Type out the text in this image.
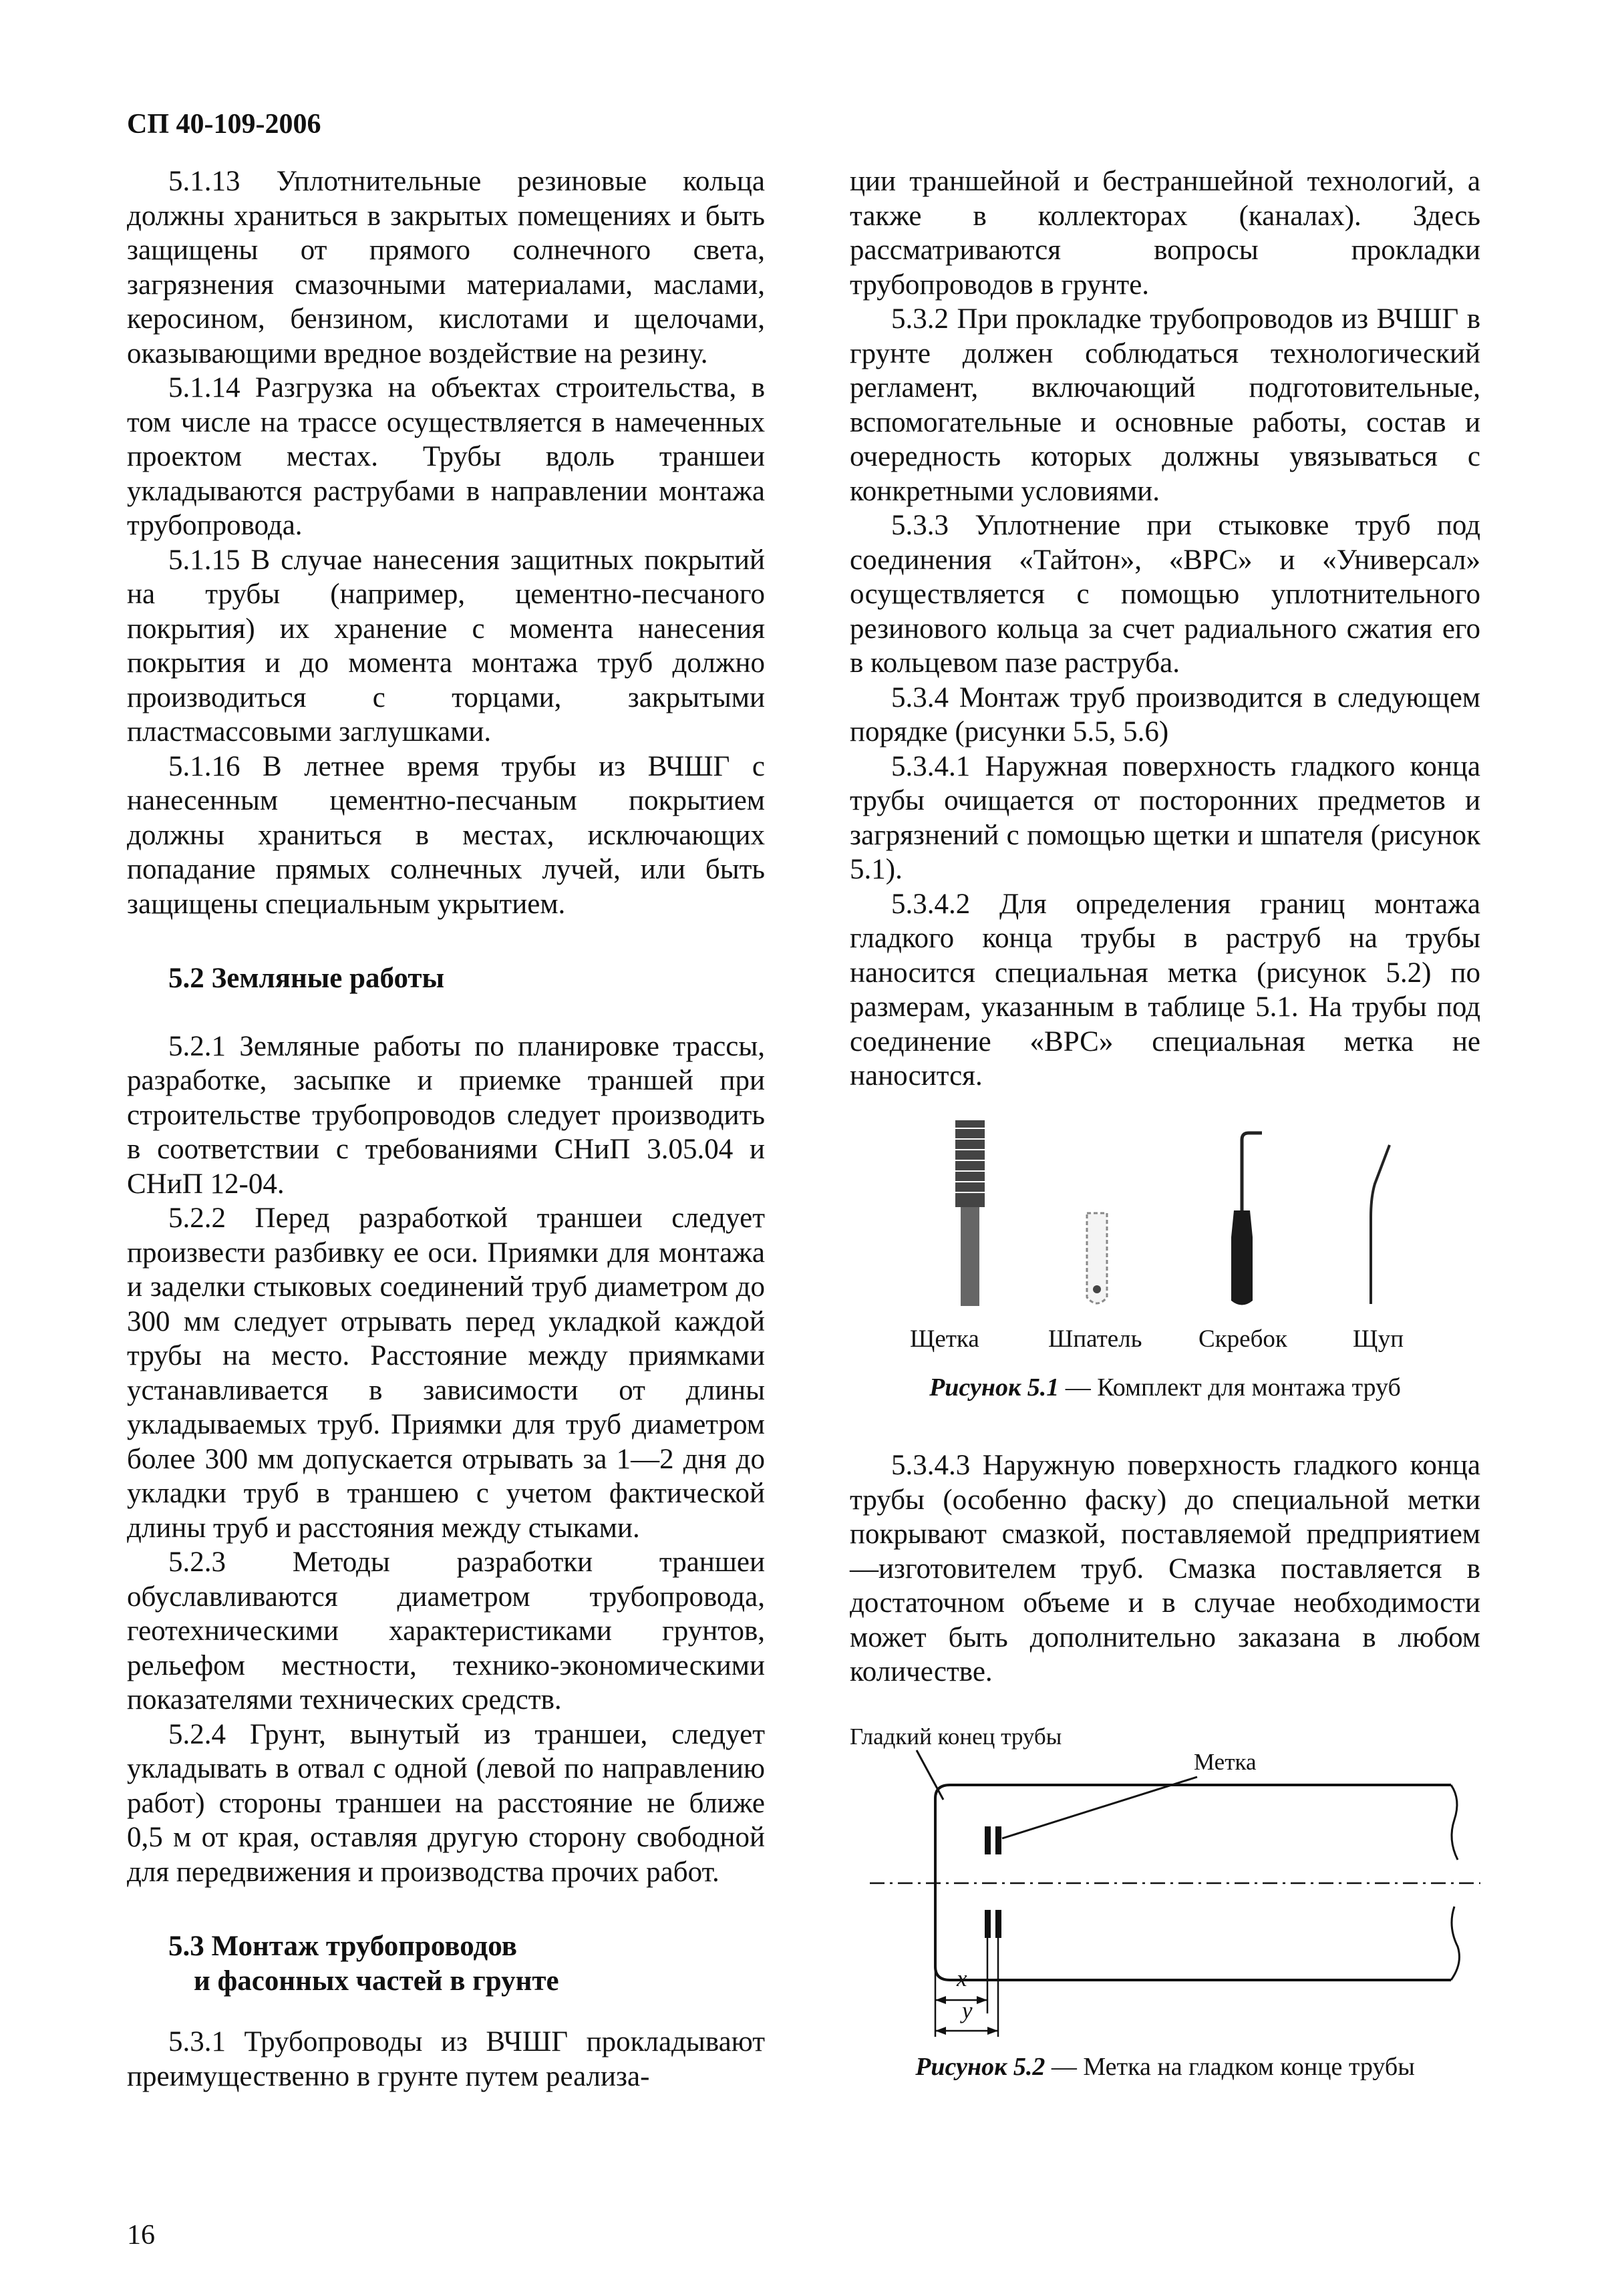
СП 40-109-2006

5.1.13 Уплотнительные резиновые кольца должны храниться в закрытых помещениях и быть защищены от прямого солнечного света, загрязнения смазочными материалами, маслами, керосином, бензином, кислотами и щелочами, оказывающими вредное воздействие на резину.

5.1.14 Разгрузка на объектах строительства, в том числе на трассе осуществляется в намеченных проектом местах. Трубы вдоль траншеи укладываются раструбами в направлении монтажа трубопровода.

5.1.15 В случае нанесения защитных покрытий на трубы (например, цементно-песчаного покрытия) их хранение с момента нанесения покрытия и до момента монтажа труб должно производиться с торцами, закрытыми пластмассовыми заглушками.

5.1.16 В летнее время трубы из ВЧШГ с нанесенным цементно-песчаным покрытием должны храниться в местах, исключающих попадание прямых солнечных лучей, или быть защищены специальным укрытием.

5.2 Земляные работы

5.2.1 Земляные работы по планировке трассы, разработке, засыпке и приемке траншей при строительстве трубопроводов следует производить в соответствии с требованиями СНиП 3.05.04 и СНиП 12-04.

5.2.2 Перед разработкой траншеи следует произвести разбивку ее оси. Приямки для монтажа и заделки стыковых соединений труб диаметром до 300 мм следует отрывать перед укладкой каждой трубы на место. Расстояние между приямками устанавливается в зависимости от длины укладываемых труб. Приямки для труб диаметром более 300 мм допускается отрывать за 1—2 дня до укладки труб в траншею с учетом фактической длины труб и расстояния между стыками.

5.2.3 Методы разработки траншеи обуславливаются диаметром трубопровода, геотехническими характеристиками грунтов, рельефом местности, технико-экономическими показателями технических средств.

5.2.4 Грунт, вынутый из траншеи, следует укладывать в отвал с одной (левой по направлению работ) стороны траншеи на расстояние не ближе 0,5 м от края, оставляя другую сторону свободной для передвижения и производства прочих работ.

5.3 Монтаж трубопроводов
и фасонных частей в грунте

5.3.1 Трубопроводы из ВЧШГ прокладывают преимущественно в грунте путем реализа-

ции траншейной и бестраншейной технологий, а также в коллекторах (каналах). Здесь рассматриваются вопросы прокладки трубопроводов в грунте.

5.3.2 При прокладке трубопроводов из ВЧШГ в грунте должен соблюдаться технологический регламент, включающий подготовительные, вспомогательные и основные работы, состав и очередность которых должны увязываться с конкретными условиями.

5.3.3 Уплотнение при стыковке труб под соединения «Тайтон», «ВРС» и «Универсал» осуществляется с помощью уплотнительного резинового кольца за счет радиального сжатия его в кольцевом пазе раструба.

5.3.4 Монтаж труб производится в следующем порядке (рисунки 5.5, 5.6)

5.3.4.1 Наружная поверхность гладкого конца трубы очищается от посторонних предметов и загрязнений с помощью щетки и шпателя (рисунок 5.1).

5.3.4.2 Для определения границ монтажа гладкого конца трубы в раструб на трубы наносится специальная метка (рисунок 5.2) по размерам, указанным в таблице 5.1. На трубы под соединение «ВРС» специальная метка не наносится.

Щетка	Шпатель Скребок	Щуп

Рисунок 5.1 — Комплект для монтажа труб

5.3.4.3 Наружную поверхность гладкого конца трубы (особенно фаску) до специальной метки покрывают смазкой, поставляемой предприятием—изготовителем труб. Смазка поставляется в достаточном объеме и в случае необходимости может быть дополнительно заказана в любом количестве.

Гладкий конец трубы
Метка
x
y

Рисунок 5.2 — Метка на гладком конце трубы

16
